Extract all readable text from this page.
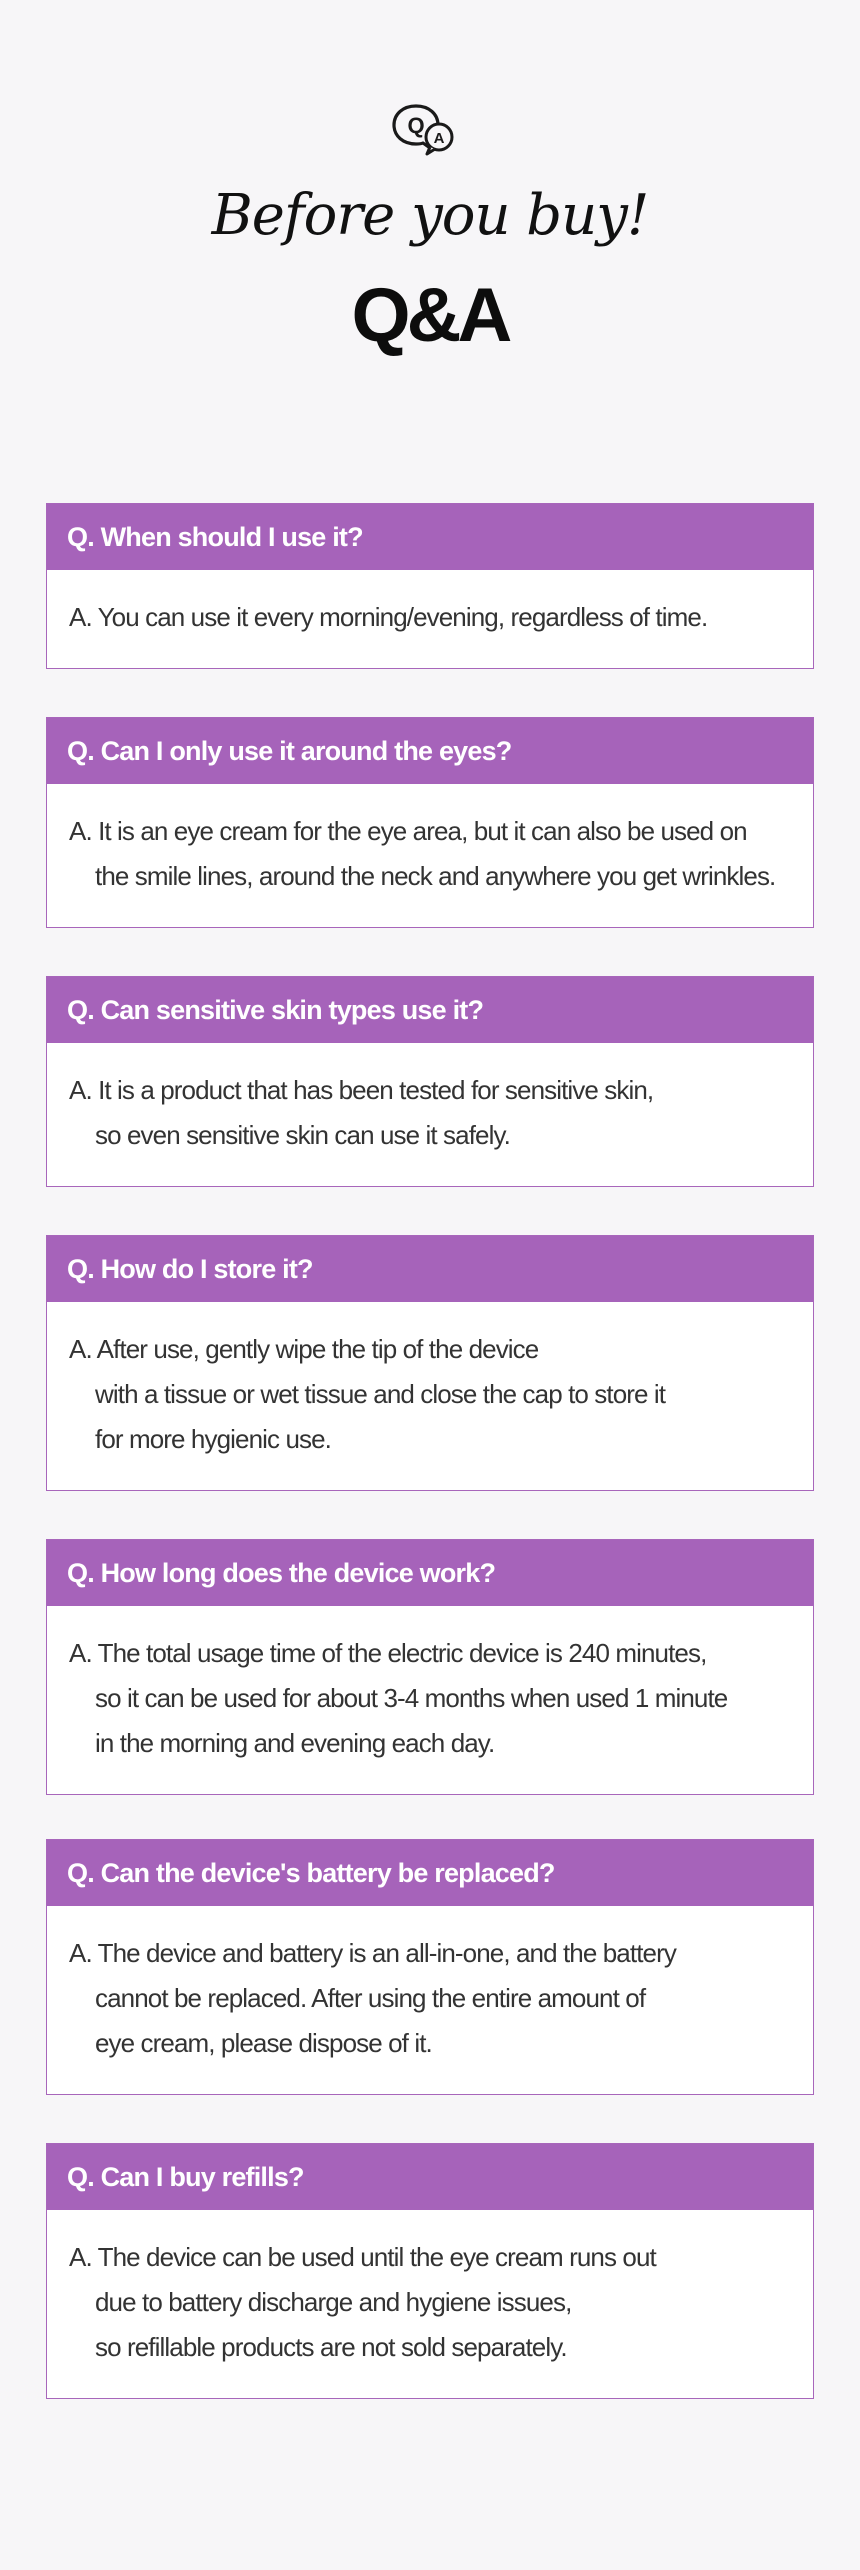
Q
A
Before you buy!
Q&A
Q. When should I use it?
A. You can use it every morning/evening, regardless of time.
Q. Can I only use it around the eyes?
A. It is an eye cream for the eye area, but it can also be used on
the smile lines, around the neck and anywhere you get wrinkles.
Q. Can sensitive skin types use it?
A. It is a product that has been tested for sensitive skin,
so even sensitive skin can use it safely.
Q. How do I store it?
A. After use, gently wipe the tip of the device
with a tissue or wet tissue and close the cap to store it
for more hygienic use.
Q. How long does the device work?
A. The total usage time of the electric device is 240 minutes,
so it can be used for about 3-4 months when used 1 minute
in the morning and evening each day.
Q. Can the device's battery be replaced?
A. The device and battery is an all-in-one, and the battery
cannot be replaced. After using the entire amount of
eye cream, please dispose of it.
Q. Can I buy refills?
A. The device can be used until the eye cream runs out
due to battery discharge and hygiene issues,
so refillable products are not sold separately.
